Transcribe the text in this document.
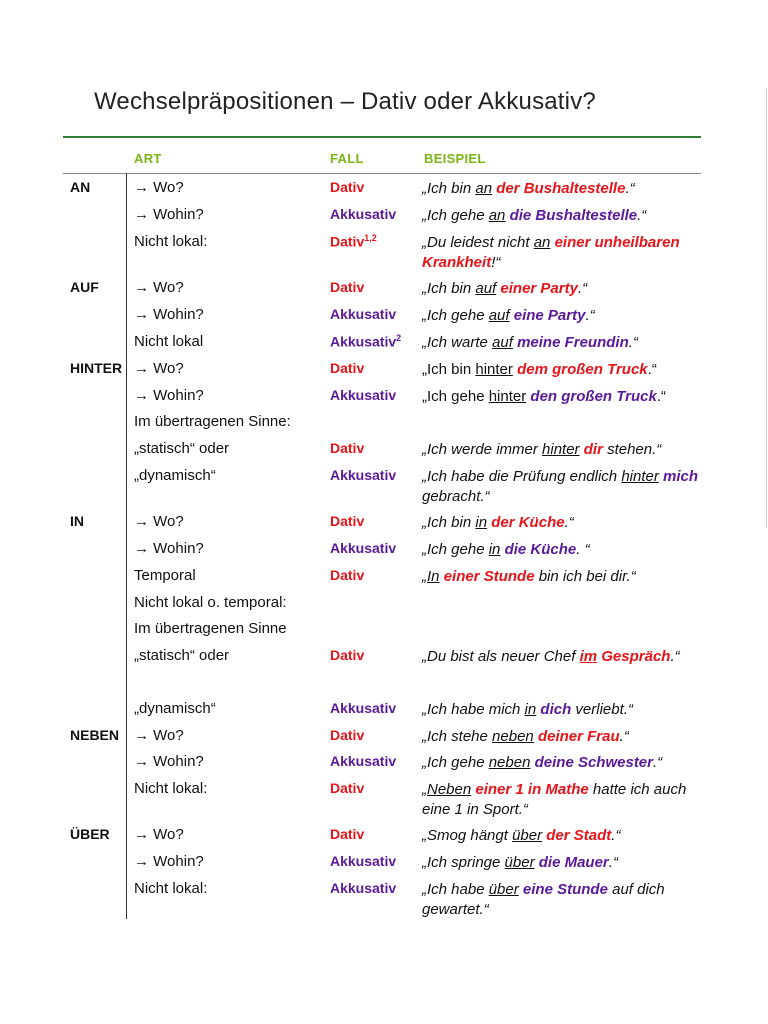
Wechselpräpositionen – Dativ oder Akkusativ?
ART	FALL	BEISPIEL
AN	→ Wo?	Dativ	„Ich bin an der Bushaltestelle.“
→ Wohin?	Akkusativ „Ich gehe an die Bushaltestelle.“
Nicht lokal:	Dativ$^{1,2}$	„Du leidest nicht an einer unheilbaren Krankheit!“
AUF → Wo?	Dativ	„Ich bin auf einer Party.“
→ Wohin?	Akkusativ „Ich gehe auf eine Party.“
Nicht lokal	Akkusativ$^2$ „Ich warte auf meine Freundin.“
HINTER → Wo?	Dativ	„Ich bin hinter dem großen Truck.“
→ Wohin?	Akkusativ „Ich gehe hinter den großen Truck.“
Im übertragenen Sinne:
„statisch“ oder	Dativ	„Ich werde immer hinter dir stehen.“
„dynamisch“	Akkusativ „Ich habe die Prüfung endlich hinter mich gebracht.“
IN	→ Wo?	Dativ	„Ich bin in der Küche.“
→ Wohin?	Akkusativ „Ich gehe in die Küche. “
Temporal	Dativ	„In einer Stunde bin ich bei dir.“
Nicht lokal o. temporal:
Im übertragenen Sinne
„statisch“ oder	Dativ	„Du bist als neuer Chef im Gespräch.“
„dynamisch“	Akkusativ „Ich habe mich in dich verliebt.“
NEBEN → Wo?	Dativ	„Ich stehe neben deiner Frau.“
→ Wohin?	Akkusativ „Ich gehe neben deine Schwester.“
Nicht lokal:	Dativ	„Neben einer 1 in Mathe hatte ich auch eine 1 in Sport.“
ÜBER → Wo?	Dativ	„Smog hängt über der Stadt.“
→ Wohin?	Akkusativ „Ich springe über die Mauer.“
Nicht lokal:	Akkusativ „Ich habe über eine Stunde auf dich gewartet.“
